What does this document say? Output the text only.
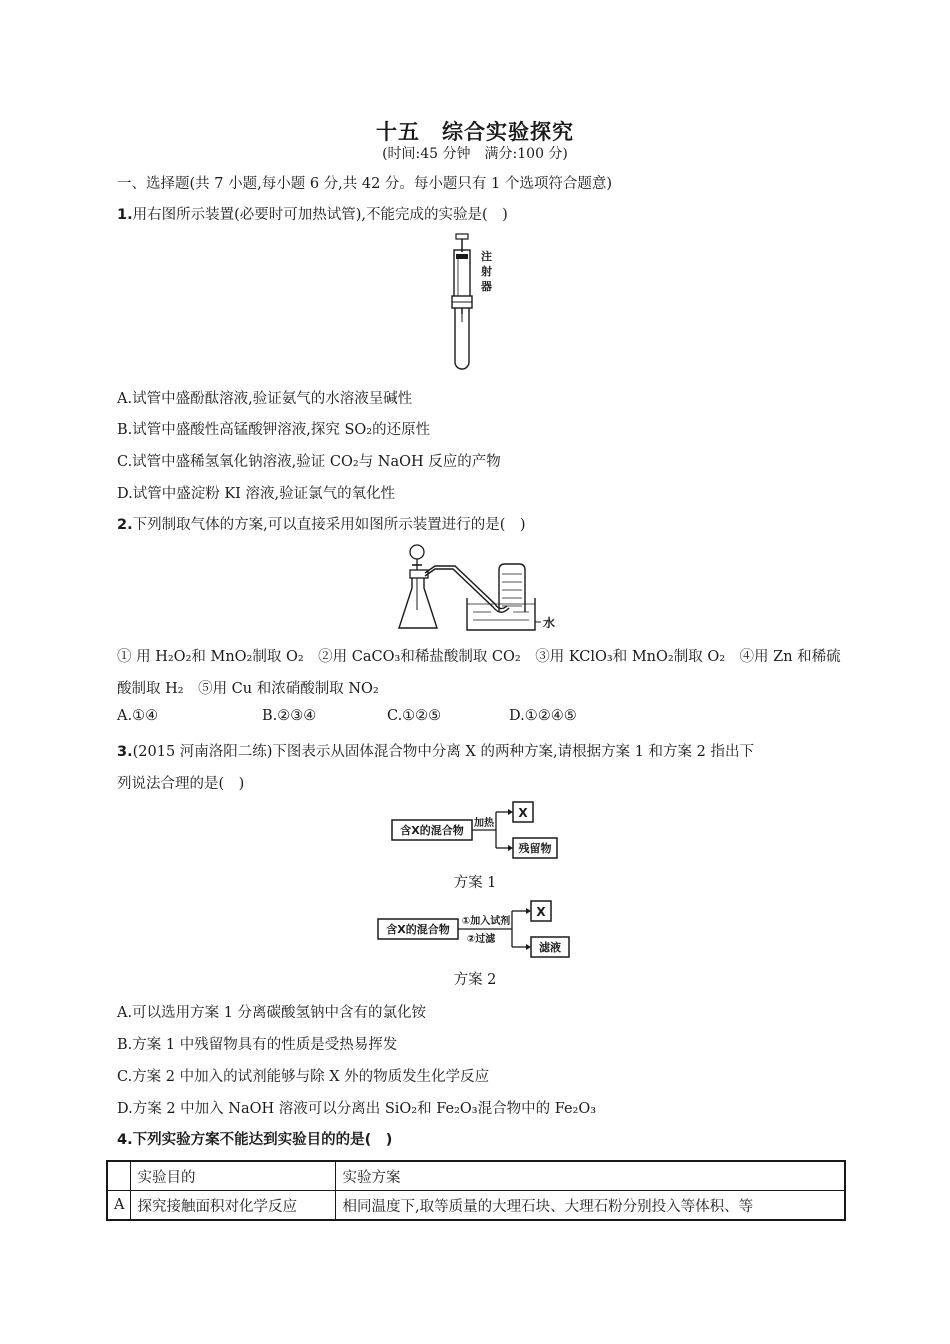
十五　综合实验探究
(时间:45 分钟　满分:100 分)
一、选择题(共 7 小题,每小题 6 分,共 42 分。每小题只有 1 个选项符合题意)
1.用右图所示装置(必要时可加热试管),不能完成的实验是(　)
注
射
器
A.试管中盛酚酞溶液,验证氨气的水溶液呈碱性
B.试管中盛酸性高锰酸钾溶液,探究 SO₂的还原性
C.试管中盛稀氢氧化钠溶液,验证 CO₂与 NaOH 反应的产物
D.试管中盛淀粉 KI 溶液,验证氯气的氧化性
2.下列制取气体的方案,可以直接采用如图所示装置进行的是(　)
水
① 用 H₂O₂和 MnO₂制取 O₂　②用 CaCO₃和稀盐酸制取 CO₂　③用 KClO₃和 MnO₂制取 O₂　④用 Zn 和稀硫
酸制取 H₂　⑤用 Cu 和浓硝酸制取 NO₂
A.①④	B.②③④	C.①②⑤	D.①②④⑤
3.(2015 河南洛阳二练)下图表示从固体混合物中分离 X 的两种方案,请根据方案 1 和方案 2 指出下
列说法合理的是(　)
含X的混合物
加热
X
残留物
方案 1
含X的混合物
①加入试剂
②过滤
X
滤液
方案 2
A.可以选用方案 1 分离碳酸氢钠中含有的氯化铵
B.方案 1 中残留物具有的性质是受热易挥发
C.方案 2 中加入的试剂能够与除 X 外的物质发生化学反应
D.方案 2 中加入 NaOH 溶液可以分离出 SiO₂和 Fe₂O₃混合物中的 Fe₂O₃
4.下列实验方案不能达到实验目的的是(　)
	实验目的	实验方案
A	探究接触面积对化学反应	相同温度下,取等质量的大理石块、大理石粉分别投入等体积、等
